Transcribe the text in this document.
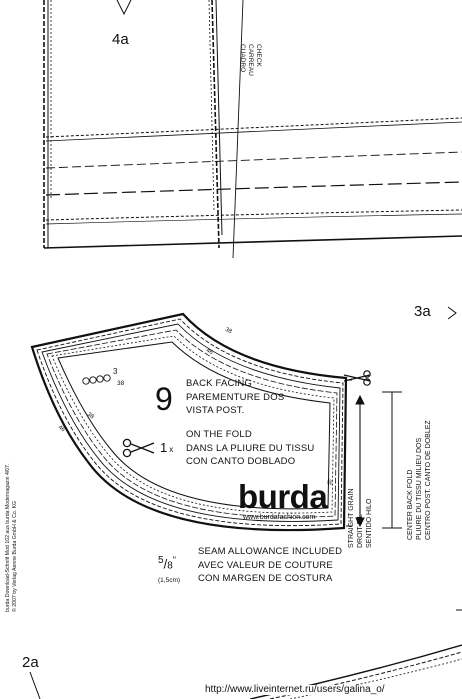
4a
3a
2a
CHECK
CARREAU
CUADRO
38
46
38
46
3
38 9 BACK FACING
PAREMENTURE DOS
VISTA POST.
1 x
ON THE FOLD
DANS LA PLIURE DU TISSU
CON CANTO DOBLADO
burda®
www.burdafashion.com	STRAIGHT GRAIN DROIT FIL SENTIDO HILO	CENTER BACK FOLD PLIURE DU TISSU MILIEU DOS CENTRO POST. CANTO DE DOBLEZ
$^5$/8"
(1,5cm)
SEAM ALLOWANCE INCLUDED
AVEC VALEUR DE COUTURE
CON MARGEN DE COSTURA
burda Download-Schnitt Mod 102 aus burda Modemagazin 4/07. © 2007 by Verlag Aenne Burda GmbH & Co. KG
http://www.liveinternet.ru/users/galina_o/
